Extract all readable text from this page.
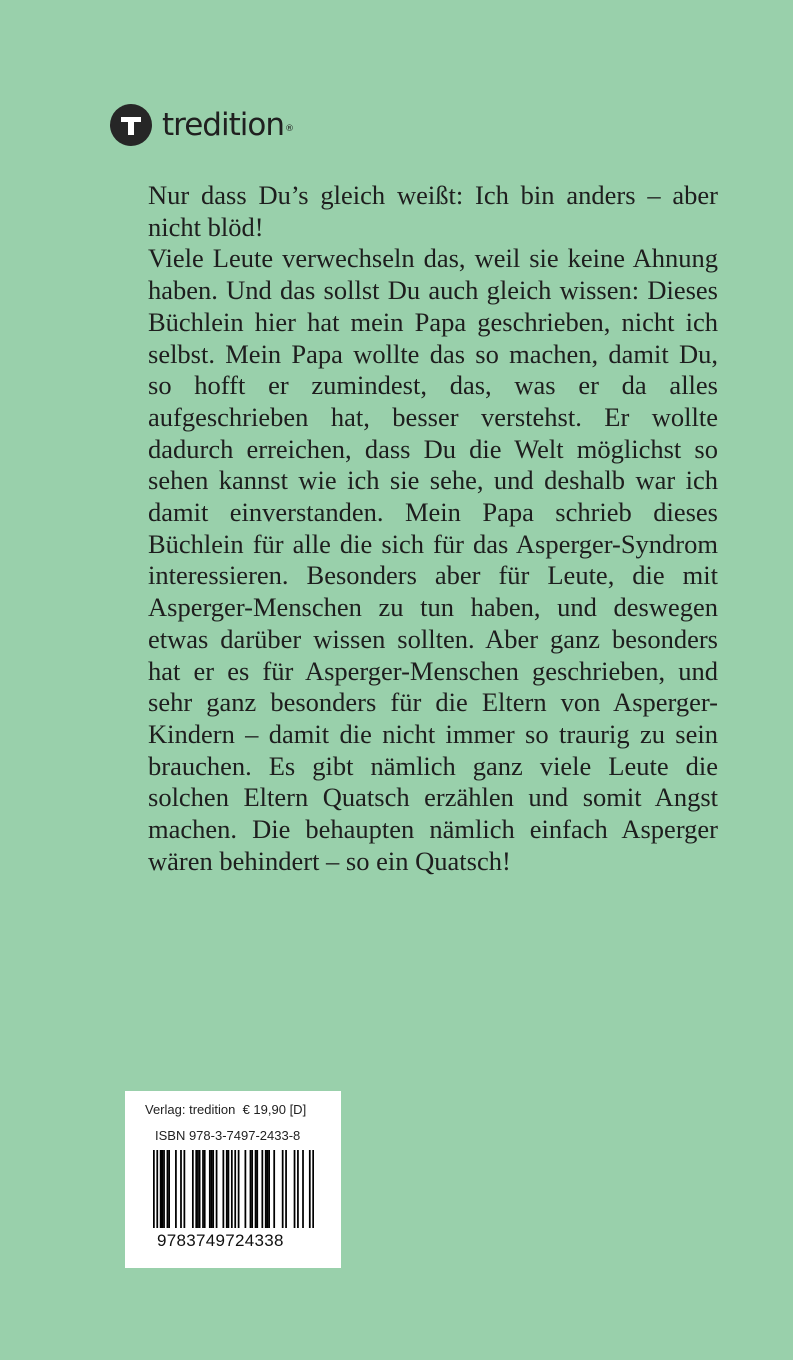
tredition®

Nur dass Du’s gleich weißt: Ich bin anders – aber nicht blöd!

Viele Leute verwechseln das, weil sie keine Ahnung haben. Und das sollst Du auch gleich wissen: Dieses Büchlein hier hat mein Papa geschrieben, nicht ich selbst. Mein Papa wollte das so machen, damit Du, so hofft er zumindest, das, was er da alles aufgeschrieben hat, besser verstehst. Er wollte dadurch erreichen, dass Du die Welt möglichst so sehen kannst wie ich sie sehe, und deshalb war ich damit einverstanden. Mein Papa schrieb dieses Büchlein für alle die sich für das Asperger-Syndrom interessieren. Besonders aber für Leute, die mit Asperger-Menschen zu tun haben, und deswegen etwas darüber wissen sollten. Aber ganz besonders hat er es für Asperger-Menschen geschrieben, und sehr ganz besonders für die Eltern von Asperger-Kindern – damit die nicht immer so traurig zu sein brauchen. Es gibt nämlich ganz viele Leute die solchen Eltern Quatsch erzählen und somit Angst machen. Die behaupten nämlich einfach Asperger wären behindert – so ein Quatsch!

Verlag: tredition € 19,90 [D]
ISBN 978-3-7497-2433-8
9783749724338
